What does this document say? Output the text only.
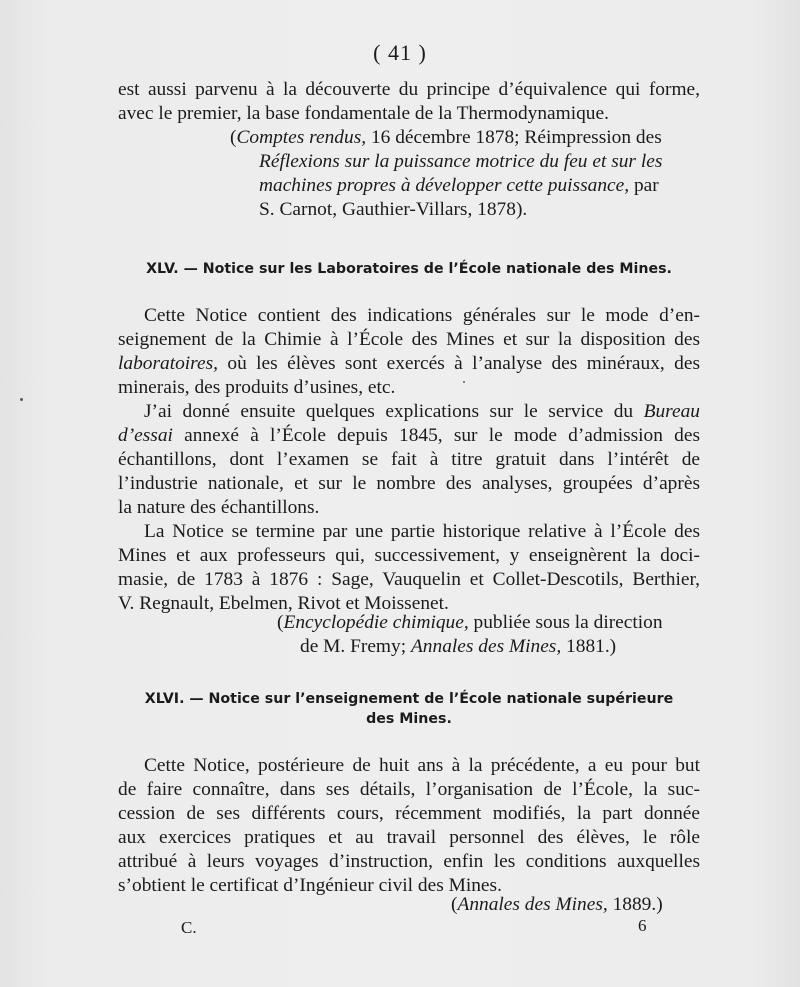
( 41 )
est aussi parvenu à la découverte du principe d’équivalence qui forme,
avec le premier, la base fondamentale de la Thermodynamique.
(Comptes rendus, 16 décembre 1878; Réimpression des
Réflexions sur la puissance motrice du feu et sur les
machines propres à développer cette puissance, par
S. Carnot, Gauthier-Villars, 1878).
XLV. — Notice sur les Laboratoires de l’École nationale des Mines.
Cette Notice contient des indications générales sur le mode d’en-
seignement de la Chimie à l’École des Mines et sur la disposition des
laboratoires, où les élèves sont exercés à l’analyse des minéraux, des
minerais, des produits d’usines, etc.
J’ai donné ensuite quelques explications sur le service du Bureau
d’essai annexé à l’École depuis 1845, sur le mode d’admission des
échantillons, dont l’examen se fait à titre gratuit dans l’intérêt de
l’industrie nationale, et sur le nombre des analyses, groupées d’après
la nature des échantillons.
La Notice se termine par une partie historique relative à l’École des
Mines et aux professeurs qui, successivement, y enseignèrent la doci-
masie, de 1783 à 1876 : Sage, Vauquelin et Collet-Descotils, Berthier,
V. Regnault, Ebelmen, Rivot et Moissenet.
(Encyclopédie chimique, publiée sous la direction
de M. Fremy; Annales des Mines, 1881.)
XLVI. — Notice sur l’enseignement de l’École nationale supérieure
des Mines.
Cette Notice, postérieure de huit ans à la précédente, a eu pour but
de faire connaître, dans ses détails, l’organisation de l’École, la suc-
cession de ses différents cours, récemment modifiés, la part donnée
aux exercices pratiques et au travail personnel des élèves, le rôle
attribué à leurs voyages d’instruction, enfin les conditions auxquelles
s’obtient le certificat d’Ingénieur civil des Mines.
(Annales des Mines, 1889.)
C.	6
